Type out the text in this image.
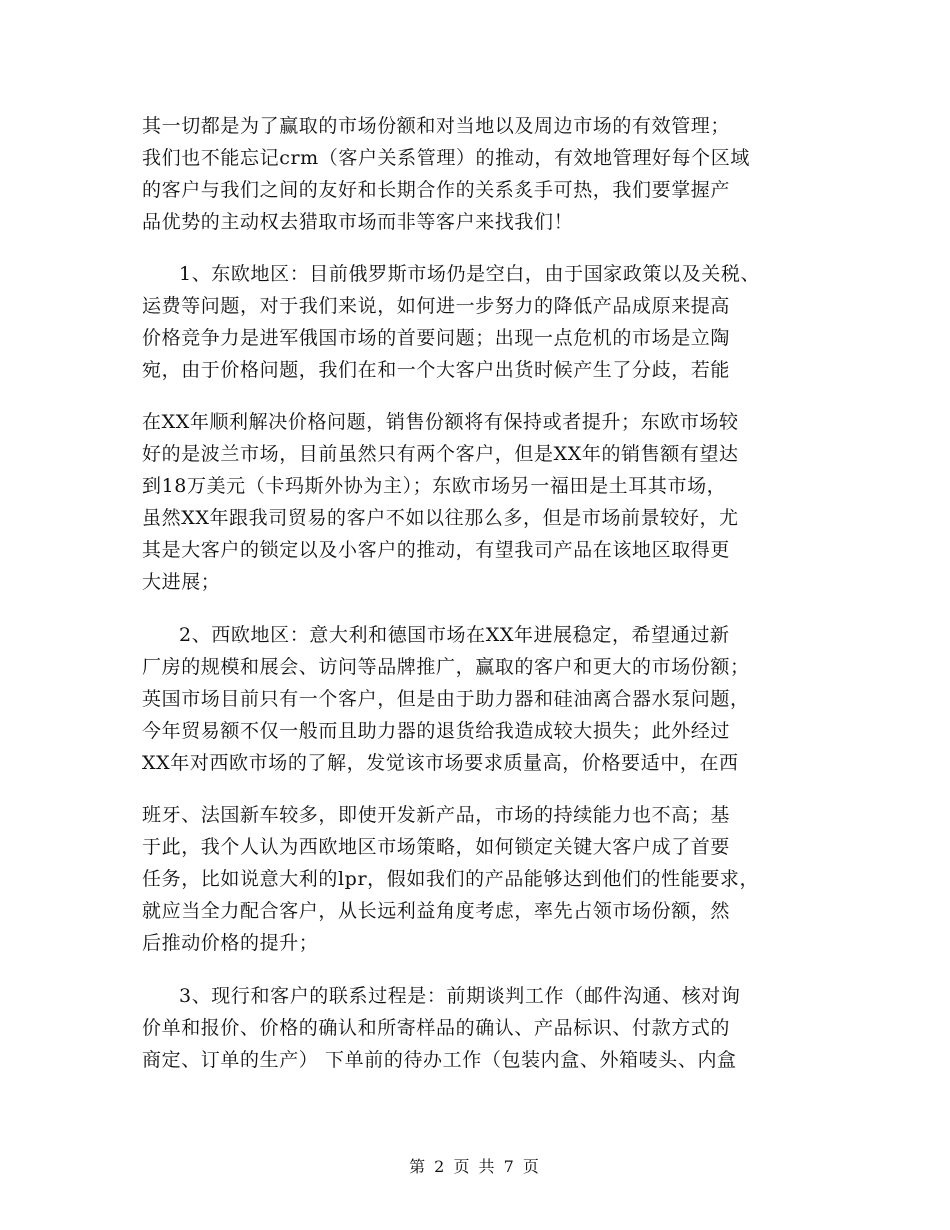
其一切都是为了赢取的市场份额和对当地以及周边市场的有效管理；
我们也不能忘记crm（客户关系管理）的推动，有效地管理好每个区域
的客户与我们之间的友好和长期合作的关系炙手可热，我们要掌握产
品优势的主动权去猎取市场而非等客户来找我们！
1、东欧地区：目前俄罗斯市场仍是空白，由于国家政策以及关税、
运费等问题，对于我们来说，如何进一步努力的降低产品成原来提高
价格竞争力是进军俄国市场的首要问题；出现一点危机的市场是立陶
宛，由于价格问题，我们在和一个大客户出货时候产生了分歧，若能
在XX年顺利解决价格问题，销售份额将有保持或者提升；东欧市场较
好的是波兰市场，目前虽然只有两个客户，但是XX年的销售额有望达
到18万美元（卡玛斯外协为主）；东欧市场另一福田是土耳其市场，
虽然XX年跟我司贸易的客户不如以往那么多，但是市场前景较好，尤
其是大客户的锁定以及小客户的推动，有望我司产品在该地区取得更
大进展；
2、西欧地区：意大利和德国市场在XX年进展稳定，希望通过新
厂房的规模和展会、访问等品牌推广，赢取的客户和更大的市场份额；
英国市场目前只有一个客户，但是由于助力器和硅油离合器水泵问题，
今年贸易额不仅一般而且助力器的退货给我造成较大损失；此外经过
XX年对西欧市场的了解，发觉该市场要求质量高，价格要适中，在西
班牙、法国新车较多，即使开发新产品，市场的持续能力也不高；基
于此，我个人认为西欧地区市场策略，如何锁定关键大客户成了首要
任务，比如说意大利的lpr，假如我们的产品能够达到他们的性能要求，
就应当全力配合客户，从长远利益角度考虑，率先占领市场份额，然
后推动价格的提升；
3、现行和客户的联系过程是：前期谈判工作（邮件沟通、核对询
价单和报价、价格的确认和所寄样品的确认、产品标识、付款方式的
商定、订单的生产） 下单前的待办工作（包装内盒、外箱唛头、内盒
第 2 页 共 7 页
